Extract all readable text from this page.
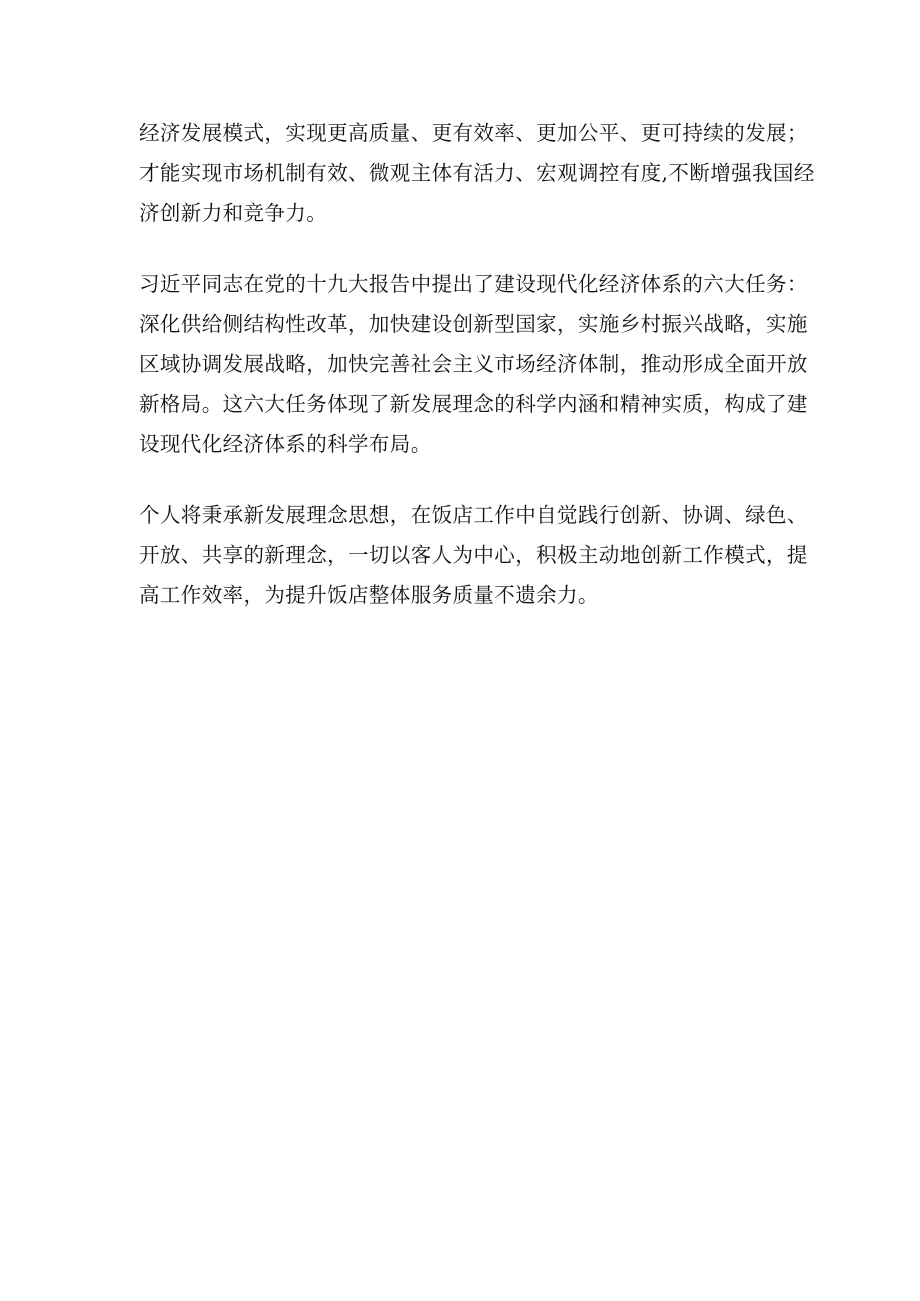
经济发展模式，实现更高质量、更有效率、更加公平、更可持续的发展；
才能实现市场机制有效、微观主体有活力、宏观调控有度,不断增强我国经
济创新力和竞争力。

习近平同志在党的十九大报告中提出了建设现代化经济体系的六大任务：
深化供给侧结构性改革，加快建设创新型国家，实施乡村振兴战略，实施
区域协调发展战略，加快完善社会主义市场经济体制，推动形成全面开放
新格局。这六大任务体现了新发展理念的科学内涵和精神实质，构成了建
设现代化经济体系的科学布局。

个人将秉承新发展理念思想，在饭店工作中自觉践行创新、协调、绿色、
开放、共享的新理念，一切以客人为中心，积极主动地创新工作模式，提
高工作效率，为提升饭店整体服务质量不遗余力。
